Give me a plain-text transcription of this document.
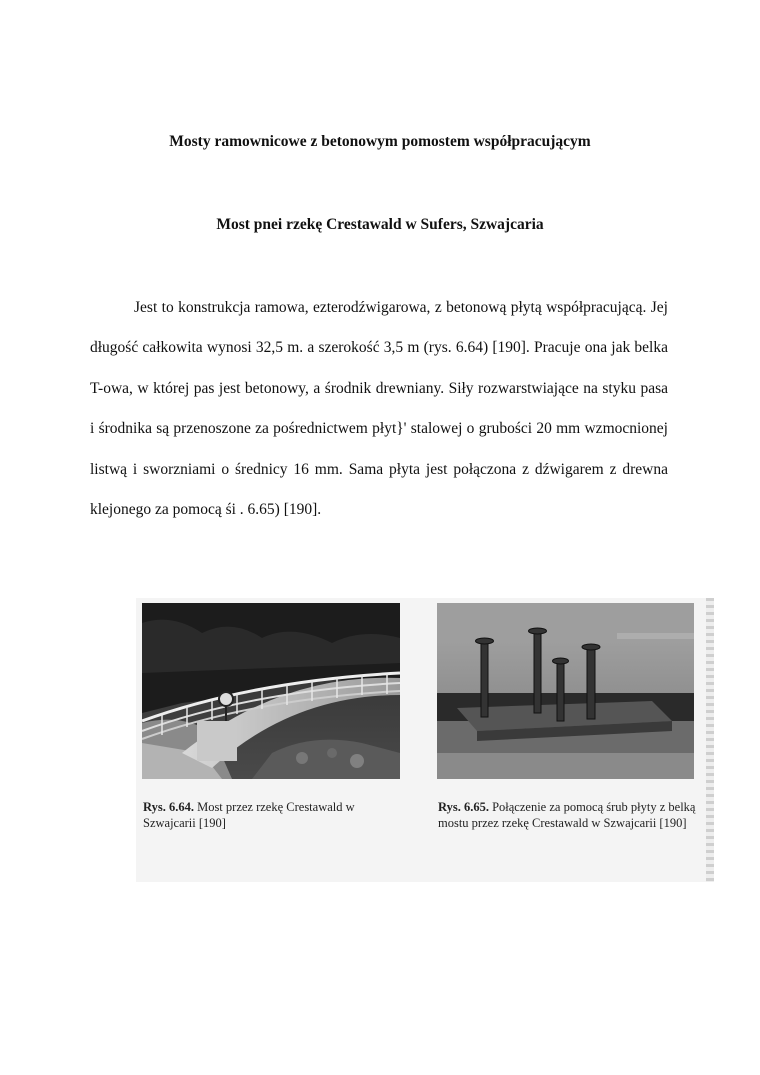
Mosty ramownicowe z betonowym pomostem współpracującym
Most pnei rzekę Crestawald w Sufers, Szwajcaria
Jest to konstrukcja ramowa, ezterodźwigarowa, z betonową płytą współpracującą. Jej długość całkowita wynosi 32,5 m. a szerokość 3,5 m (rys. 6.64) [190]. Pracuje ona jak belka T-owa, w której pas jest betonowy, a środnik drewniany. Siły rozwarstwiające na styku pasa i środnika są przenoszone za pośrednictwem płyt}' stalowej o grubości 20 mm wzmocnionej listwą i sworzniami o średnicy 16 mm. Sama płyta jest połączona z dźwigarem z drewna klejonego za pomocą śi . 6.65) [190].
Rys. 6.64. Most przez rzekę Crestawald w Szwajcarii [190]
Rys. 6.65. Połączenie za pomocą śrub płyty z belką mostu przez rzekę Crestawald w Szwajcarii [190]
